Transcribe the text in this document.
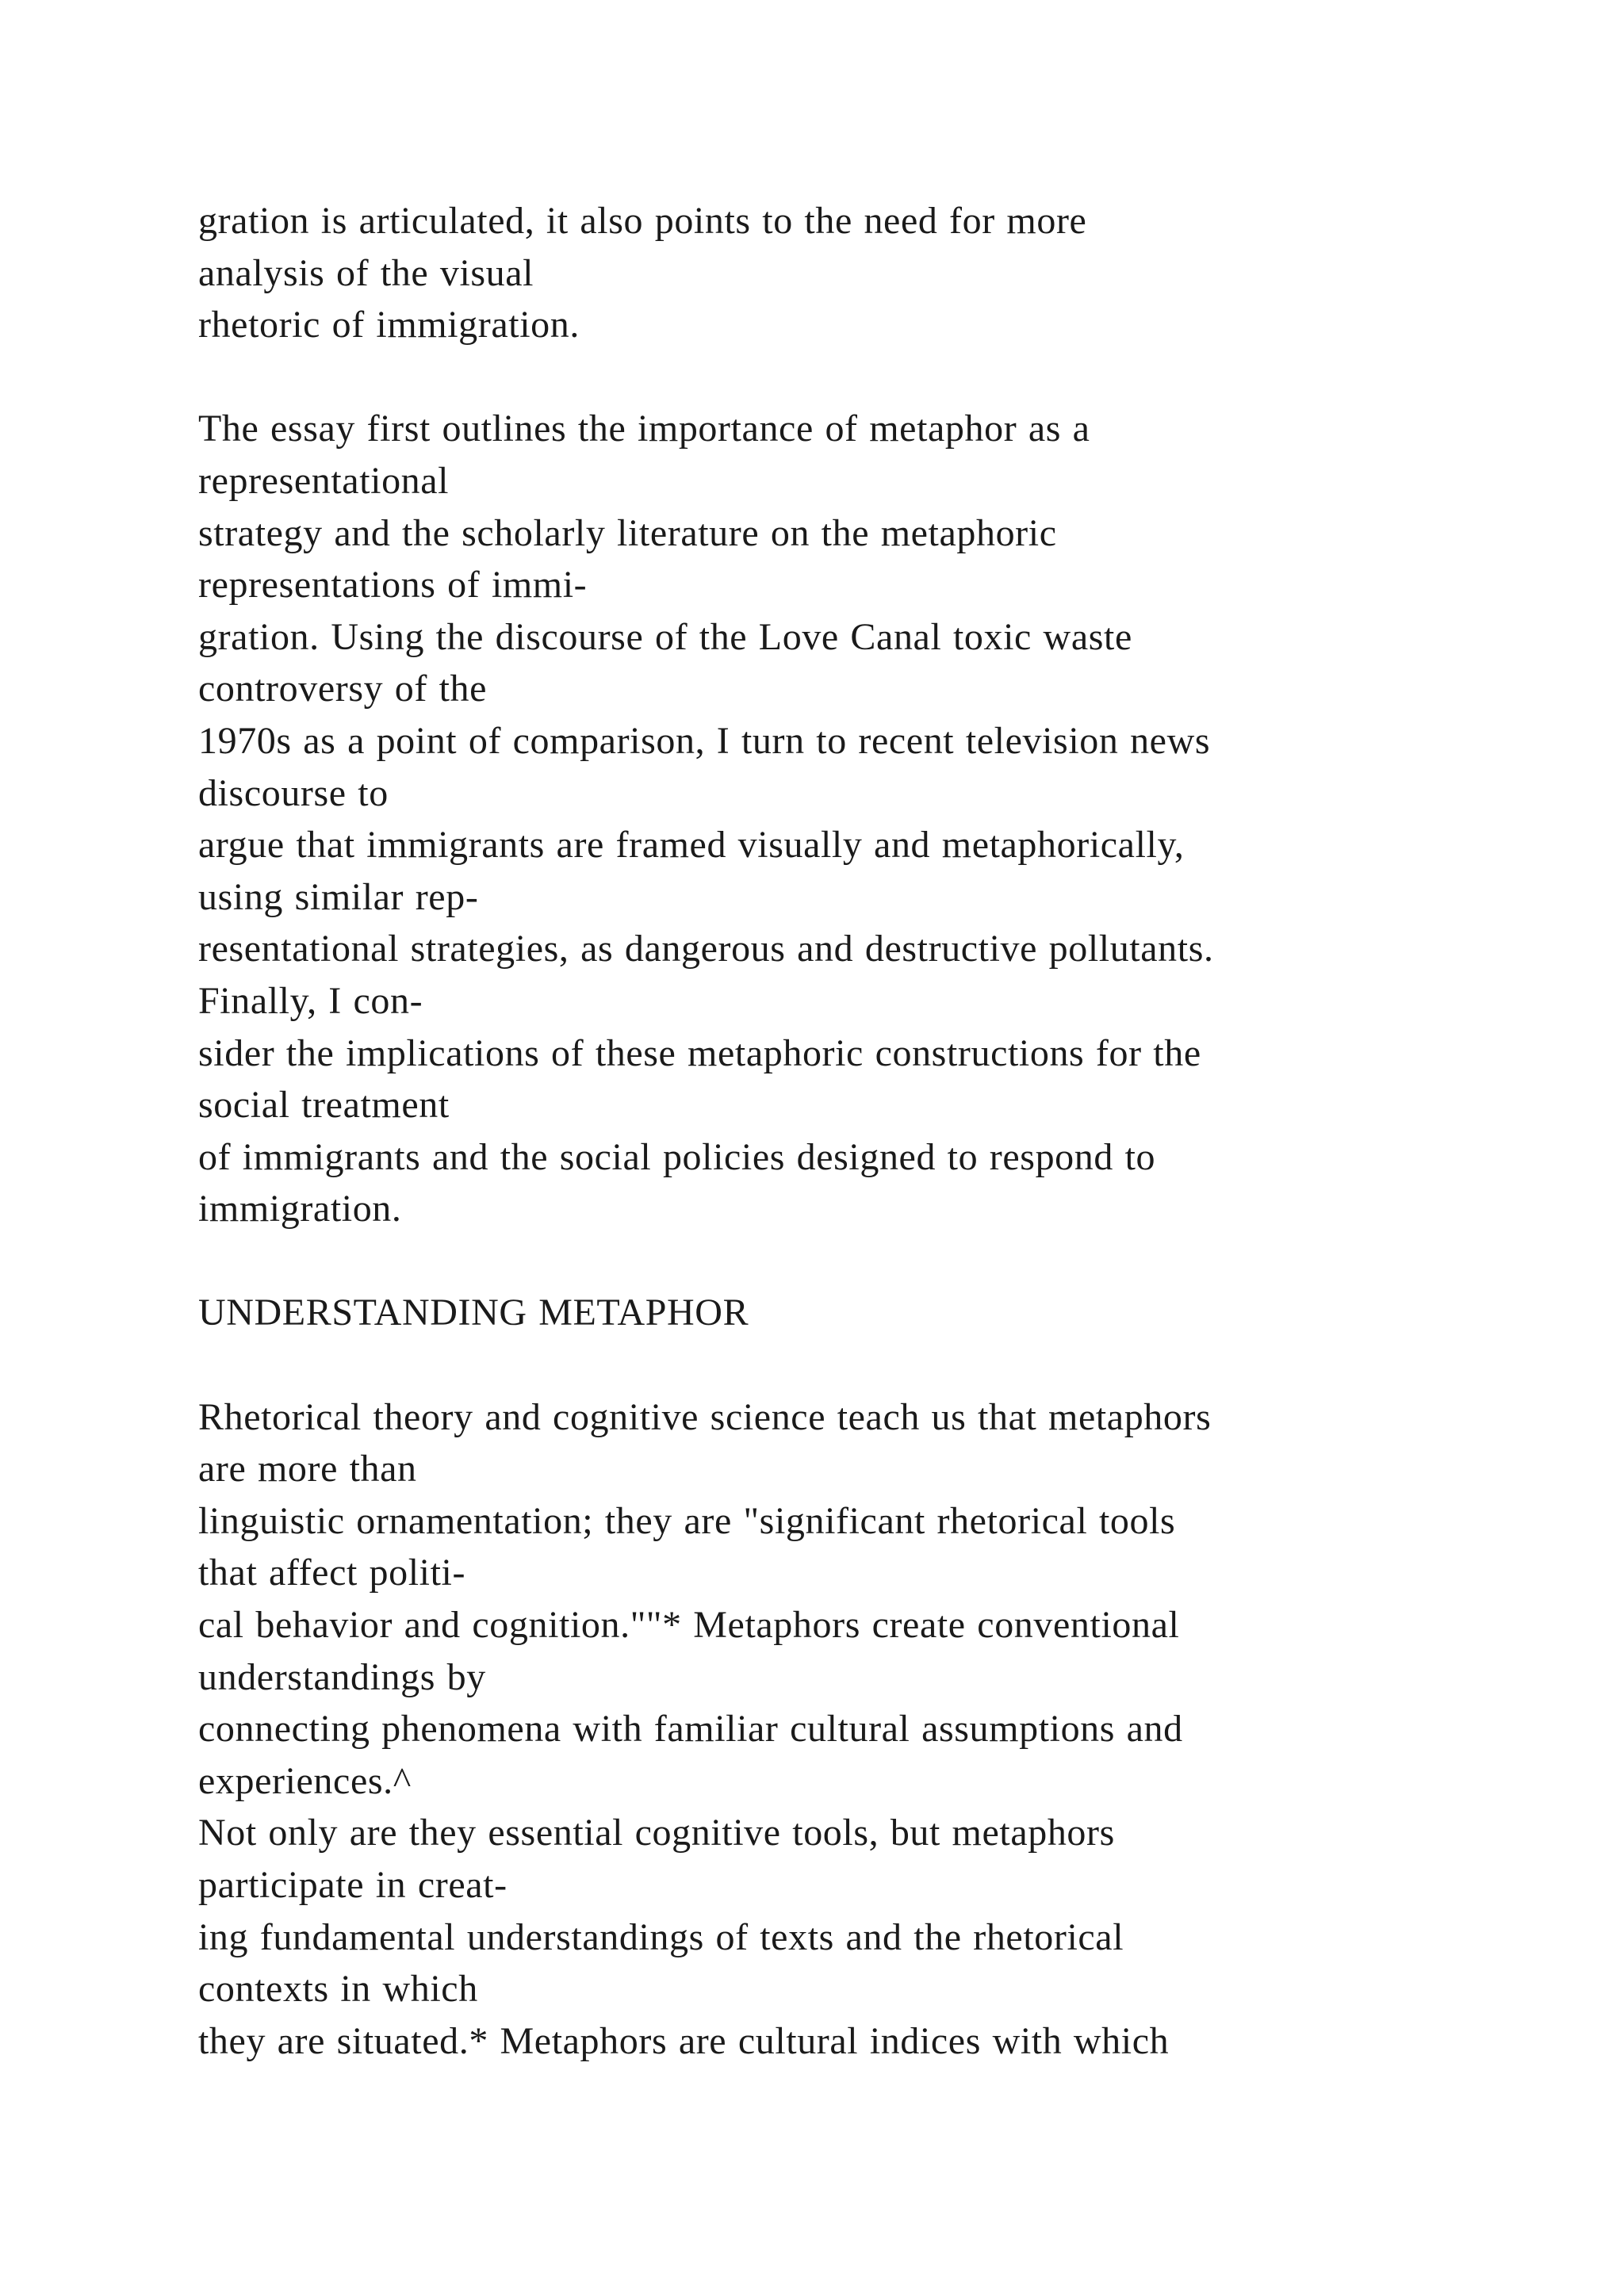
gration is articulated, it also points to the need for more
analysis of the visual
rhetoric of immigration.
The essay first outlines the importance of metaphor as a
representational
strategy and the scholarly literature on the metaphoric
representations of immi-
gration. Using the discourse of the Love Canal toxic waste
controversy of the
1970s as a point of comparison, I turn to recent television news
discourse to
argue that immigrants are framed visually and metaphorically,
using similar rep-
resentational strategies, as dangerous and destructive pollutants.
Finally, I con-
sider the implications of these metaphoric constructions for the
social treatment
of immigrants and the social policies designed to respond to
immigration.
UNDERSTANDING METAPHOR
Rhetorical theory and cognitive science teach us that metaphors
are more than
linguistic ornamentation; they are "significant rhetorical tools
that affect politi-
cal behavior and cognition.""* Metaphors create conventional
understandings by
connecting phenomena with familiar cultural assumptions and
experiences.^
Not only are they essential cognitive tools, but metaphors
participate in creat-
ing fundamental understandings of texts and the rhetorical
contexts in which
they are situated.* Metaphors are cultural indices with which
